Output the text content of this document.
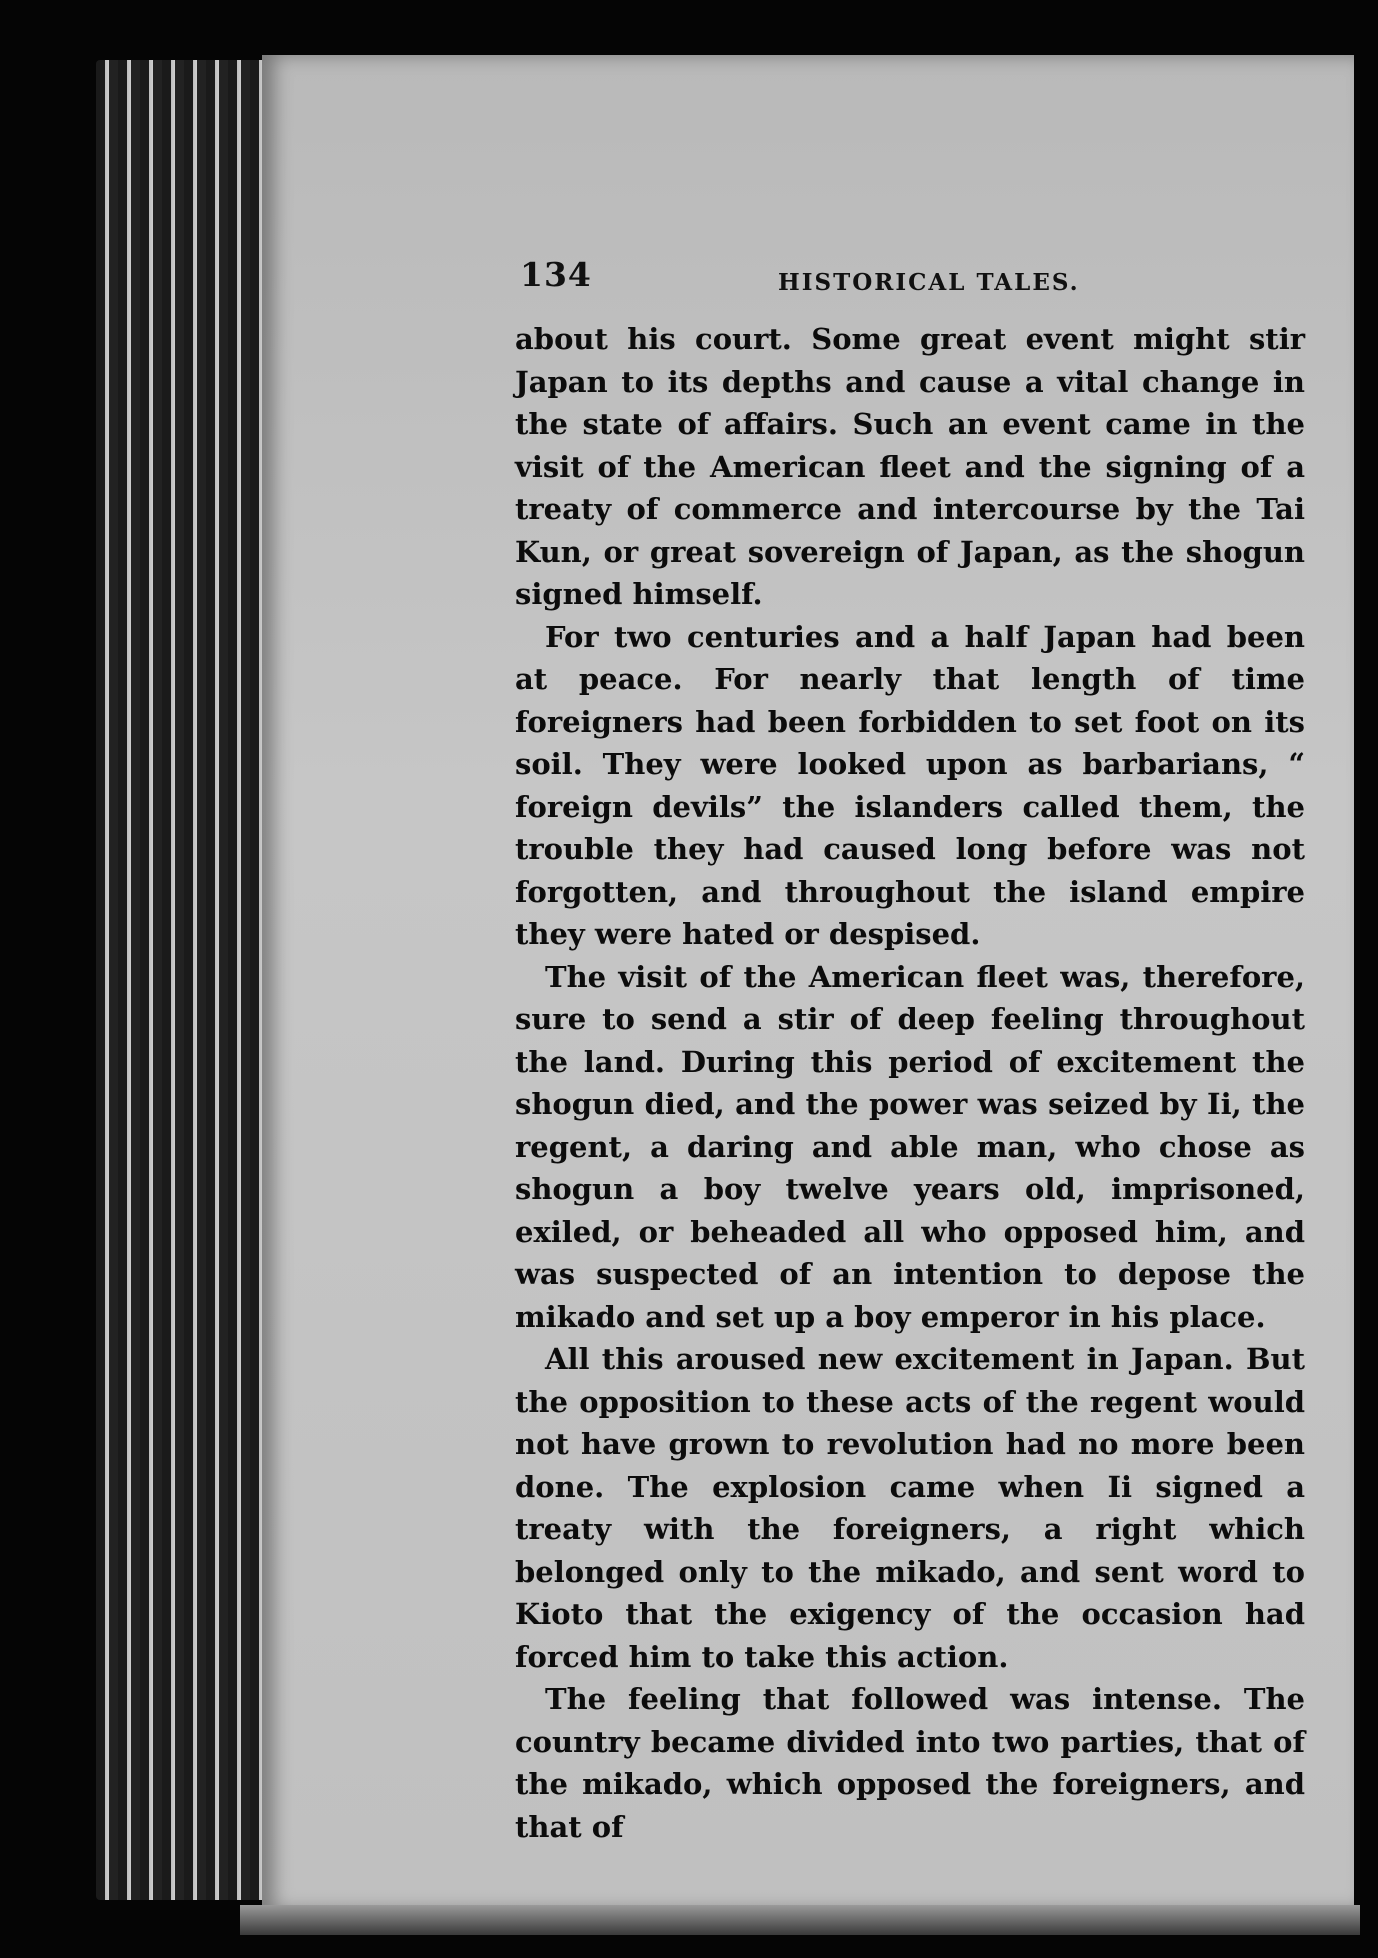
134	HISTORICAL TALES.

about his court. Some great event might stir Japan to its depths and cause a vital change in the state of affairs. Such an event came in the visit of the American fleet and the signing of a treaty of commerce and intercourse by the Tai Kun, or great sovereign of Japan, as the shogun signed himself.

For two centuries and a half Japan had been at peace. For nearly that length of time foreigners had been forbidden to set foot on its soil. They were looked upon as barbarians, “ foreign devils” the islanders called them, the trouble they had caused long before was not forgotten, and throughout the island empire they were hated or despised.

The visit of the American fleet was, therefore, sure to send a stir of deep feeling throughout the land. During this period of excitement the shogun died, and the power was seized by Ii, the regent, a daring and able man, who chose as shogun a boy twelve years old, imprisoned, exiled, or beheaded all who opposed him, and was suspected of an intention to depose the mikado and set up a boy emperor in his place.

All this aroused new excitement in Japan. But the opposition to these acts of the regent would not have grown to revolution had no more been done. The explosion came when Ii signed a treaty with the foreigners, a right which belonged only to the mikado, and sent word to Kioto that the exigency of the occasion had forced him to take this action.

The feeling that followed was intense. The country became divided into two parties, that of the mikado, which opposed the foreigners, and that of
